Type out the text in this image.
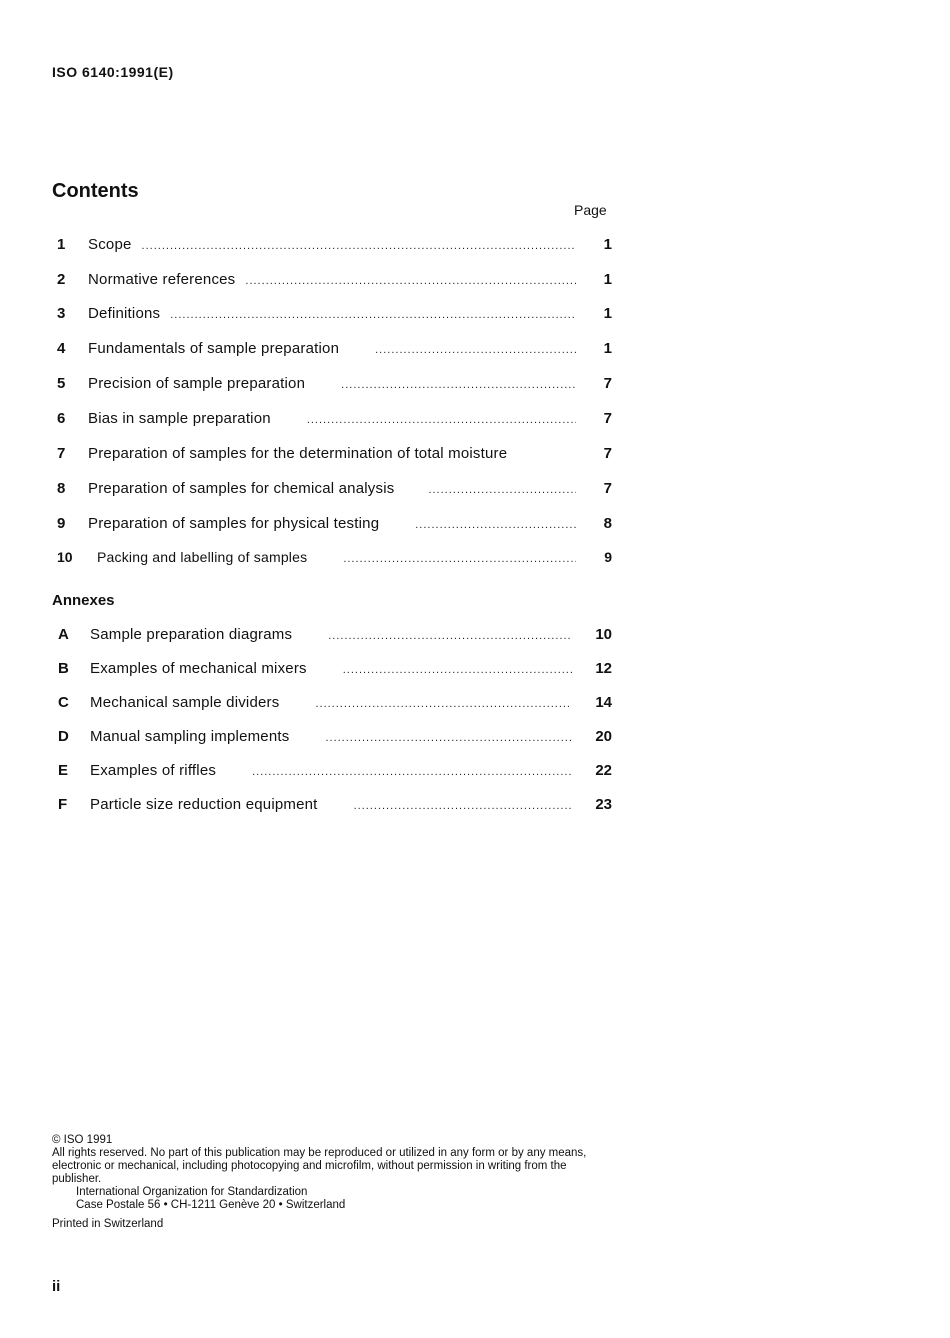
ISO 6140:1991(E)
Contents
Page
1	Scope .....	1
2	Normative references .....	1
3	Definitions .....	1
4	Fundamentals of sample preparation .....	1
5	Precision of sample preparation .....	7
6	Bias in sample preparation .....	7
7	Preparation of samples for the determination of total moisture	7
8	Preparation of samples for chemical analysis .....	7
9	Preparation of samples for physical testing .....	8
10	Packing and labelling of samples .....	9
Annexes
A	Sample preparation diagrams .....	10
B	Examples of mechanical mixers .....	12
C	Mechanical sample dividers .....	14
D	Manual sampling implements .....	20
E	Examples of riffles .....	22
F	Particle size reduction equipment .....	23
© ISO 1991
All rights reserved. No part of this publication may be reproduced or utilized in any form or by any means, electronic or mechanical, including photocopying and microfilm, without permission in writing from the publisher.
International Organization for Standardization
Case Postale 56 • CH-1211 Genève 20 • Switzerland
Printed in Switzerland
ii
